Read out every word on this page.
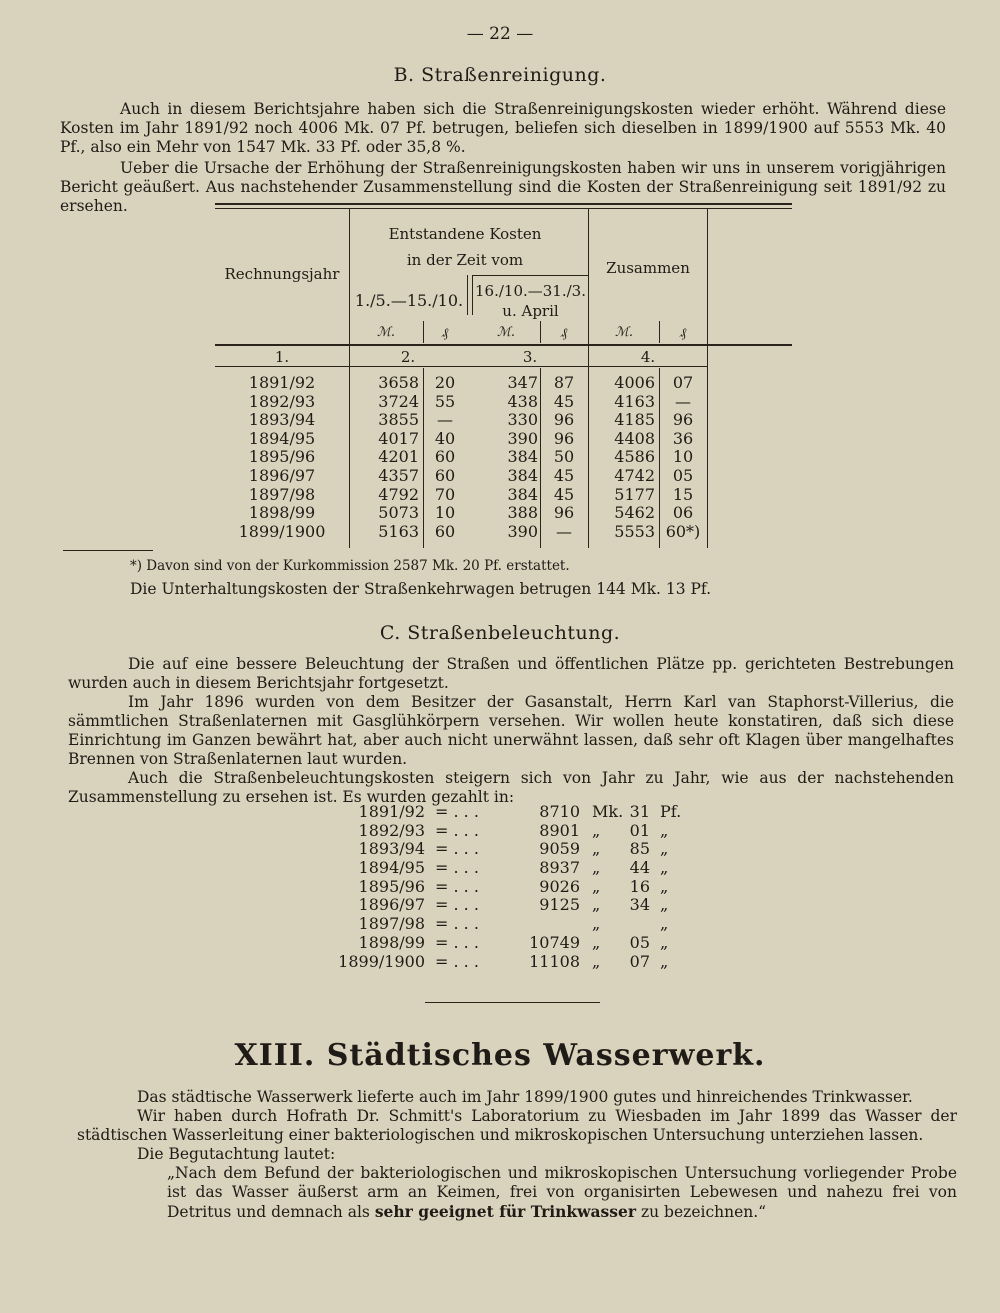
— 22 —
B. Straßenreinigung.

Auch in diesem Berichtsjahre haben sich die Straßenreinigungskosten wieder erhöht. Während diese Kosten im Jahr 1891/92 noch 4006 Mk. 07 Pf. betrugen, beliefen sich dieselben in 1899/1900 auf 5553 Mk. 40 Pf., also ein Mehr von 1547 Mk. 33 Pf. oder 35,8 %.

Ueber die Ursache der Erhöhung der Straßenreinigungskosten haben wir uns in unserem vorigjährigen Bericht geäußert. Aus nachstehender Zusammenstellung sind die Kosten der Straßenreinigung seit 1891/92 zu ersehen.

Rechnungsjahr
Entstandene Kosten in der Zeit vom
1./5.—15./10. 16./10.—31./3. u. April
Zusammen
ℳ.	₰	ℳ.	₰	ℳ.	₰
1.	2.	3.	4.
1891/92	3658 20	347 87	4006	07
1892/93	3724 55	438 45	4163	—
1893/94	3855	—	330 96	4185	96
1894/95	4017 40	390 96	4408	36
1895/96	4201 60	384 50	4586	10
1896/97	4357 60	384 45	4742	05
1897/98	4792 70	384 45	5177	15
1898/99	5073 10	388 96	5462	06
1899/1900	5163 60	390	—	5553 60*)
*) Davon sind von der Kurkommission 2587 Mk. 20 Pf. erstattet.
Die Unterhaltungskosten der Straßenkehrwagen betrugen 144 Mk. 13 Pf.
C. Straßenbeleuchtung.

Die auf eine bessere Beleuchtung der Straßen und öffentlichen Plätze pp. gerichteten Bestrebungen wurden auch in diesem Berichtsjahr fortgesetzt.

Im Jahr 1896 wurden von dem Besitzer der Gasanstalt, Herrn Karl van Staphorst-Villerius, die sämmtlichen Straßenlaternen mit Gasglühkörpern versehen. Wir wollen heute konstatiren, daß sich diese Einrichtung im Ganzen bewährt hat, aber auch nicht unerwähnt lassen, daß sehr oft Klagen über mangelhaftes Brennen von Straßenlaternen laut wurden.

Auch die Straßenbeleuchtungskosten steigern sich von Jahr zu Jahr, wie aus der nachstehenden Zusammenstellung zu ersehen ist. Es wurden gezahlt in:

1891/92 = . . .	8710 Mk. 31 Pf.
1892/93 = . . .	8901 „	01 „
1893/94 = . . .	9059 „	85 „
1894/95 = . . .	8937 „	44 „
1895/96 = . . .	9026 „	16 „
1896/97 = . . .	9125 „	34 „
1897/98 = . . .	„	„
1898/99 = . . .	10749 „	05 „
1899/1900 = . . .	11108 „	07 „
XIII. Städtisches Wasserwerk.

Das städtische Wasserwerk lieferte auch im Jahr 1899/1900 gutes und hinreichendes Trinkwasser.

Wir haben durch Hofrath Dr. Schmitt's Laboratorium zu Wiesbaden im Jahr 1899 das Wasser der städtischen Wasserleitung einer bakteriologischen und mikroskopischen Untersuchung unterziehen lassen.

Die Begutachtung lautet:

„Nach dem Befund der bakteriologischen und mikroskopischen Untersuchung vorliegender Probe ist das Wasser äußerst arm an Keimen, frei von organisirten Lebewesen und nahezu frei von Detritus und demnach als sehr geeignet für Trinkwasser zu bezeichnen.“
